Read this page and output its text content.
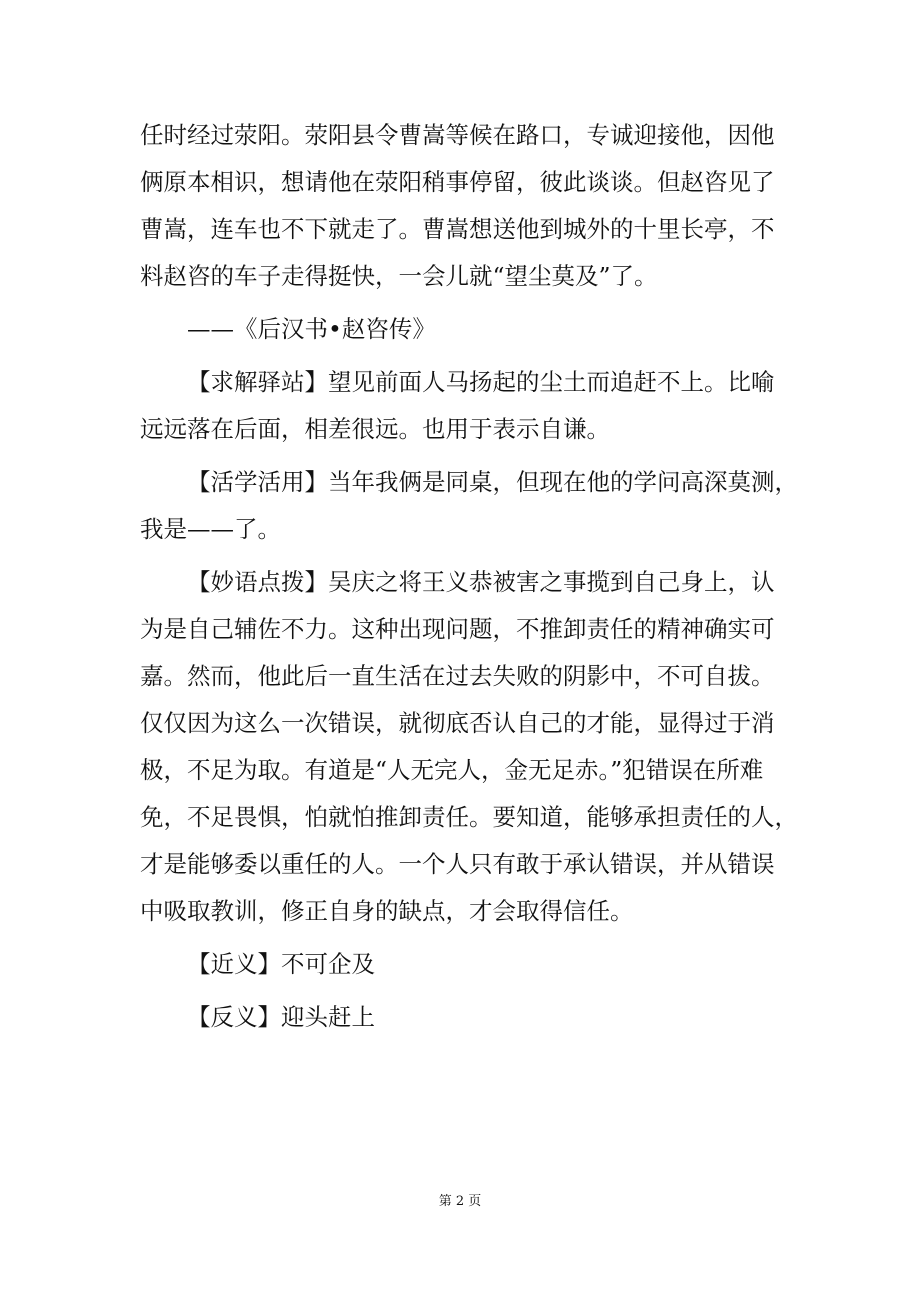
任时经过荥阳。荥阳县令曹嵩等候在路口，专诚迎接他，因他
俩原本相识，想请他在荥阳稍事停留，彼此谈谈。但赵咨见了
曹嵩，连车也不下就走了。曹嵩想送他到城外的十里长亭，不
料赵咨的车子走得挺快，一会儿就“望尘莫及”了。
——《后汉书•赵咨传》
【求解驿站】望见前面人马扬起的尘土而追赶不上。比喻
远远落在后面，相差很远。也用于表示自谦。
【活学活用】当年我俩是同桌，但现在他的学问高深莫测，
我是——了。
【妙语点拨】吴庆之将王义恭被害之事揽到自己身上，认
为是自己辅佐不力。这种出现问题，不推卸责任的精神确实可
嘉。然而，他此后一直生活在过去失败的阴影中，不可自拔。
仅仅因为这么一次错误，就彻底否认自己的才能，显得过于消
极，不足为取。有道是“人无完人，金无足赤。”犯错误在所难
免，不足畏惧，怕就怕推卸责任。要知道，能够承担责任的人，
才是能够委以重任的人。一个人只有敢于承认错误，并从错误
中吸取教训，修正自身的缺点，才会取得信任。
【近义】不可企及
【反义】迎头赶上
第 2 页
